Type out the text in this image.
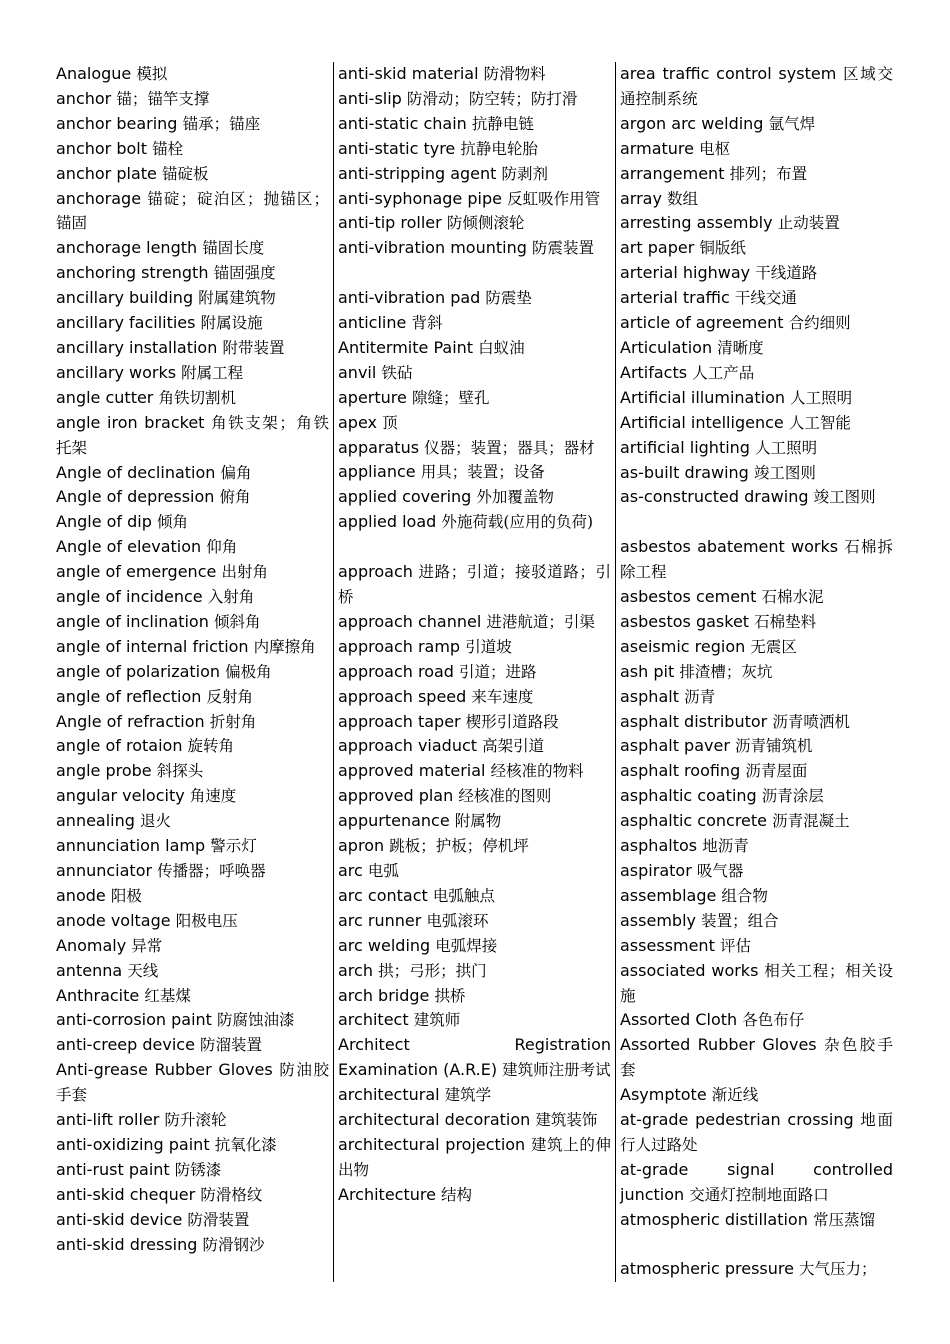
Analogue 模拟
anchor 锚；锚竿支撑
anchor bearing 锚承；锚座
anchor bolt 锚栓
anchor plate 锚碇板
anchorage 锚碇；碇泊区；抛锚区；锚固
anchorage length 锚固长度
anchoring strength 锚固强度
ancillary building 附属建筑物
ancillary facilities 附属设施
ancillary installation 附带装置
ancillary works 附属工程
angle cutter 角铁切割机
angle iron bracket 角铁支架；角铁托架
Angle of declination 偏角
Angle of depression 俯角
Angle of dip 倾角
Angle of elevation 仰角
angle of emergence 出射角
angle of incidence 入射角
angle of inclination 倾斜角
angle of internal friction 内摩擦角
angle of polarization 偏极角
angle of reflection 反射角
Angle of refraction 折射角
angle of rotaion 旋转角
angle probe 斜探头
angular velocity 角速度
annealing 退火
annunciation lamp 警示灯
annunciator 传播器；呼唤器
anode 阳极
anode voltage 阳极电压
Anomaly 异常
antenna 天线
Anthracite 红基煤
anti-corrosion paint 防腐蚀油漆
anti-creep device 防溜装置
Anti-grease Rubber Gloves 防油胶手套
anti-lift roller 防升滚轮
anti-oxidizing paint 抗氧化漆
anti-rust paint 防锈漆
anti-skid chequer 防滑格纹
anti-skid device 防滑装置
anti-skid dressing 防滑钢沙
anti-skid material 防滑物料
anti-slip 防滑动；防空转；防打滑
anti-static chain 抗静电链
anti-static tyre 抗静电轮胎
anti-stripping agent 防剥剂
anti-syphonage pipe 反虹吸作用管
anti-tip roller 防倾侧滚轮
anti-vibration mounting 防震装置
anti-vibration pad 防震垫
anticline 背斜
Antitermite Paint 白蚁油
anvil 铁砧
aperture 隙缝；壁孔
apex 顶
apparatus 仪器；装置；器具；器材
appliance 用具；装置；设备
applied covering 外加覆盖物
applied load 外施荷载(应用的负荷)
approach 进路；引道；接驳道路；引桥
approach channel 进港航道；引渠
approach ramp 引道坡
approach road 引道；进路
approach speed 来车速度
approach taper 楔形引道路段
approach viaduct 高架引道
approved material 经核准的物料
approved plan 经核准的图则
appurtenance 附属物
apron 跳板；护板；停机坪
arc 电弧
arc contact 电弧触点
arc runner 电弧滚环
arc welding 电弧焊接
arch 拱；弓形；拱门
arch bridge 拱桥
architect 建筑师
Architect Registration Examination (A.R.E) 建筑师注册考试
architectural 建筑学
architectural decoration 建筑装饰
architectural projection 建筑上的伸出物
Architecture 结构
area traffic control system 区域交通控制系统
argon arc welding 氩气焊
armature 电枢
arrangement 排列；布置
array 数组
arresting assembly 止动装置
art paper 铜版纸
arterial highway 干线道路
arterial traffic 干线交通
article of agreement 合约细则
Articulation 清晰度
Artifacts 人工产品
Artificial illumination 人工照明
Artificial intelligence 人工智能
artificial lighting 人工照明
as-built drawing 竣工图则
as-constructed drawing 竣工图则
asbestos abatement works 石棉拆除工程
asbestos cement 石棉水泥
asbestos gasket 石棉垫料
aseismic region 无震区
ash pit 排渣槽；灰坑
asphalt 沥青
asphalt distributor 沥青喷洒机
asphalt paver 沥青铺筑机
asphalt roofing 沥青屋面
asphaltic coating 沥青涂层
asphaltic concrete 沥青混凝土
asphaltos 地沥青
aspirator 吸气器
assemblage 组合物
assembly 装置；组合
assessment 评估
associated works 相关工程；相关设施
Assorted Cloth 各色布仔
Assorted Rubber Gloves 杂色胶手套
Asymptote 渐近线
at-grade pedestrian crossing 地面行人过路处
at-grade signal controlled junction 交通灯控制地面路口
atmospheric distillation 常压蒸馏
atmospheric pressure 大气压力；
